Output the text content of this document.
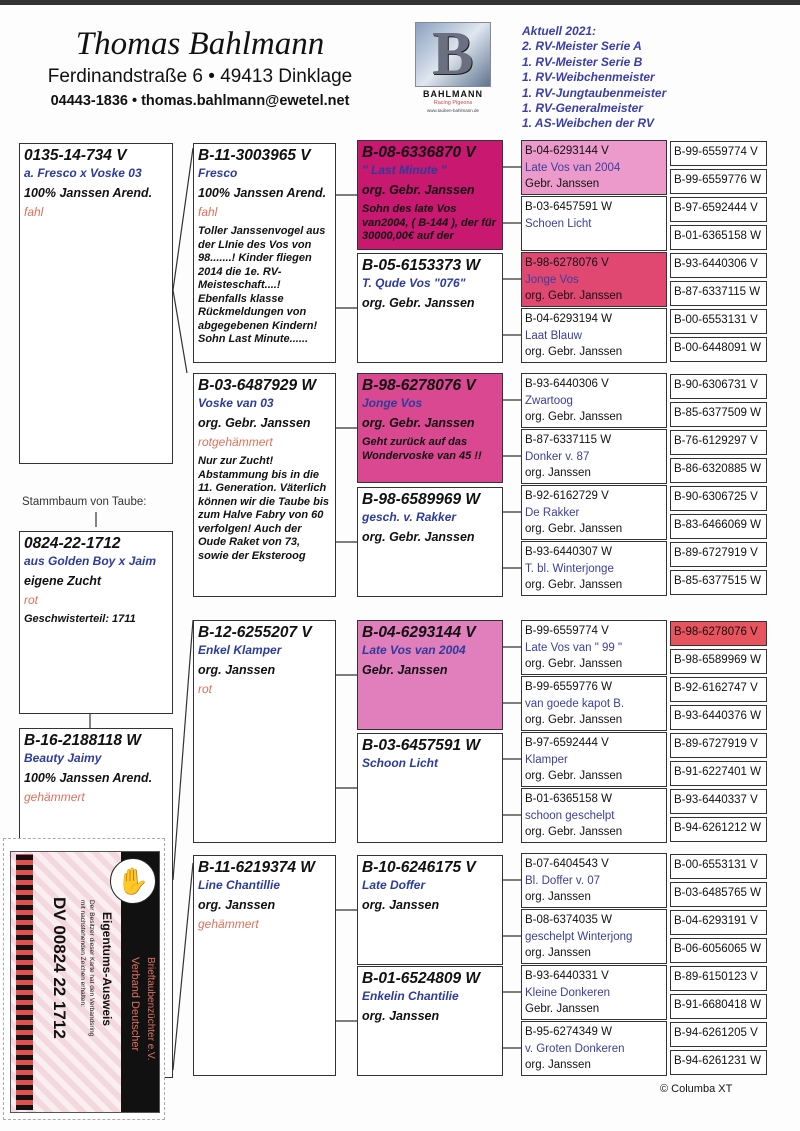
Thomas Bahlmann
Ferdinandstraße 6 • 49413 Dinklage
04443-1836 • thomas.bahlmann@ewetel.net
B
BAHLMANN
Racing Pigeons
www.tauben-bahlmann.de
Aktuell 2021:
2. RV-Meister Serie A
1. RV-Meister Serie B
1. RV-Weibchenmeister
1. RV-Jungtaubenmeister
1. RV-Generalmeister
1. AS-Weibchen der RV
0135-14-734 V
a. Fresco x Voske 03
100% Janssen Arend.
fahl
0824-22-1712
aus Golden Boy x Jaim
eigene Zucht
rot
Geschwisterteil: 1711
B-16-2188118 W
Beauty Jaimy
100% Janssen Arend.
gehämmert
B-11-3003965 V
Fresco
100% Janssen Arend.
fahl
Toller Janssenvogel aus der LInie des Vos von 98.......! Kinder fliegen 2014 die 1e. RV-Meisteschaft....! Ebenfalls klasse Rückmeldungen von abgegebenen Kindern! Sohn Last Minute......
B-03-6487929 W
Voske van 03
org. Gebr. Janssen
rotgehämmert
Nur zur Zucht! Abstammung bis in die 11. Generation. Väterlich können wir die Taube bis zum Halve Fabry von 60 verfolgen! Auch der Oude Raket von 73, sowie der Eksteroog
B-12-6255207 V
Enkel Klamper
org. Janssen
rot
B-11-6219374 W
Line Chantillie
org. Janssen
gehämmert
B-08-6336870 V
" Last Minute "
org. Gebr. Janssen
Sohn des late Vos van2004, ( B-144 ), der für 30000,00€ auf der
B-05-6153373 W
T. Qude Vos "076"
org. Gebr. Janssen
B-98-6278076 V
Jonge Vos
org. Gebr. Janssen
Geht zurück auf das Wondervoske van 45 !!
B-98-6589969 W
gesch. v. Rakker
org. Gebr. Janssen
B-04-6293144 V
Late Vos van 2004
Gebr. Janssen
B-03-6457591 W
Schoon Licht
B-10-6246175 V
Late Doffer
org. Janssen
B-01-6524809 W
Enkelin Chantilie
org. Janssen
B-04-6293144 V
Late Vos van 2004
Gebr. Janssen
B-03-6457591 W
Schoen Licht
B-98-6278076 V
Jonge Vos
org. Gebr. Janssen
B-04-6293194 W
Laat Blauw
org. Gebr. Janssen
B-93-6440306 V
Zwartoog
org. Gebr. Janssen
B-87-6337115 W
Donker v. 87
org. Janssen
B-92-6162729 V
De Rakker
org. Gebr. Janssen
B-93-6440307 W
T. bl. Winterjonge
org. Gebr. Janssen
B-99-6559774 V
Late Vos van " 99 "
org. Gebr. Janssen
B-99-6559776 W
van goede kapot B.
org. Gebr. Janssen
B-97-6592444 V
Klamper
org. Gebr. Janssen
B-01-6365158 W
schoon geschelpt
org. Gebr. Janssen
B-07-6404543 V
Bl. Doffer v. 07
org. Janssen
B-08-6374035 W
geschelpt Winterjong
org. Janssen
B-93-6440331 V
Kleine Donkeren
Gebr. Janssen
B-95-6274349 W
v. Groten Donkeren
org. Janssen
B-99-6559774 V
B-99-6559776 W
B-97-6592444 V
B-01-6365158 W
B-93-6440306 V
B-87-6337115 W
B-00-6553131 V
B-00-6448091 W
B-90-6306731 V
B-85-6377509 W
B-76-6129297 V
B-86-6320885 W
B-90-6306725 V
B-83-6466069 W
B-89-6727919 V
B-85-6377515 W
B-98-6278076 V
B-98-6589969 W
B-92-6162747 V
B-93-6440376 W
B-89-6727919 V
B-91-6227401 W
B-93-6440337 V
B-94-6261212 W
B-00-6553131 V
B-03-6485765 W
B-04-6293191 V
B-06-6056065 W
B-89-6150123 V
B-91-6680418 W
B-94-6261205 V
B-94-6261231 W
Stammbaum von Taube:
✋
Verband Deutscher Brieftaubenzüchter e.V.
Eigentums-Ausweis
Der Besitzer dieser Karte hat den Verbandsring
mit nachstehenden Zeichen erhalten:
DV 00824 22 1712
© Columba XT
